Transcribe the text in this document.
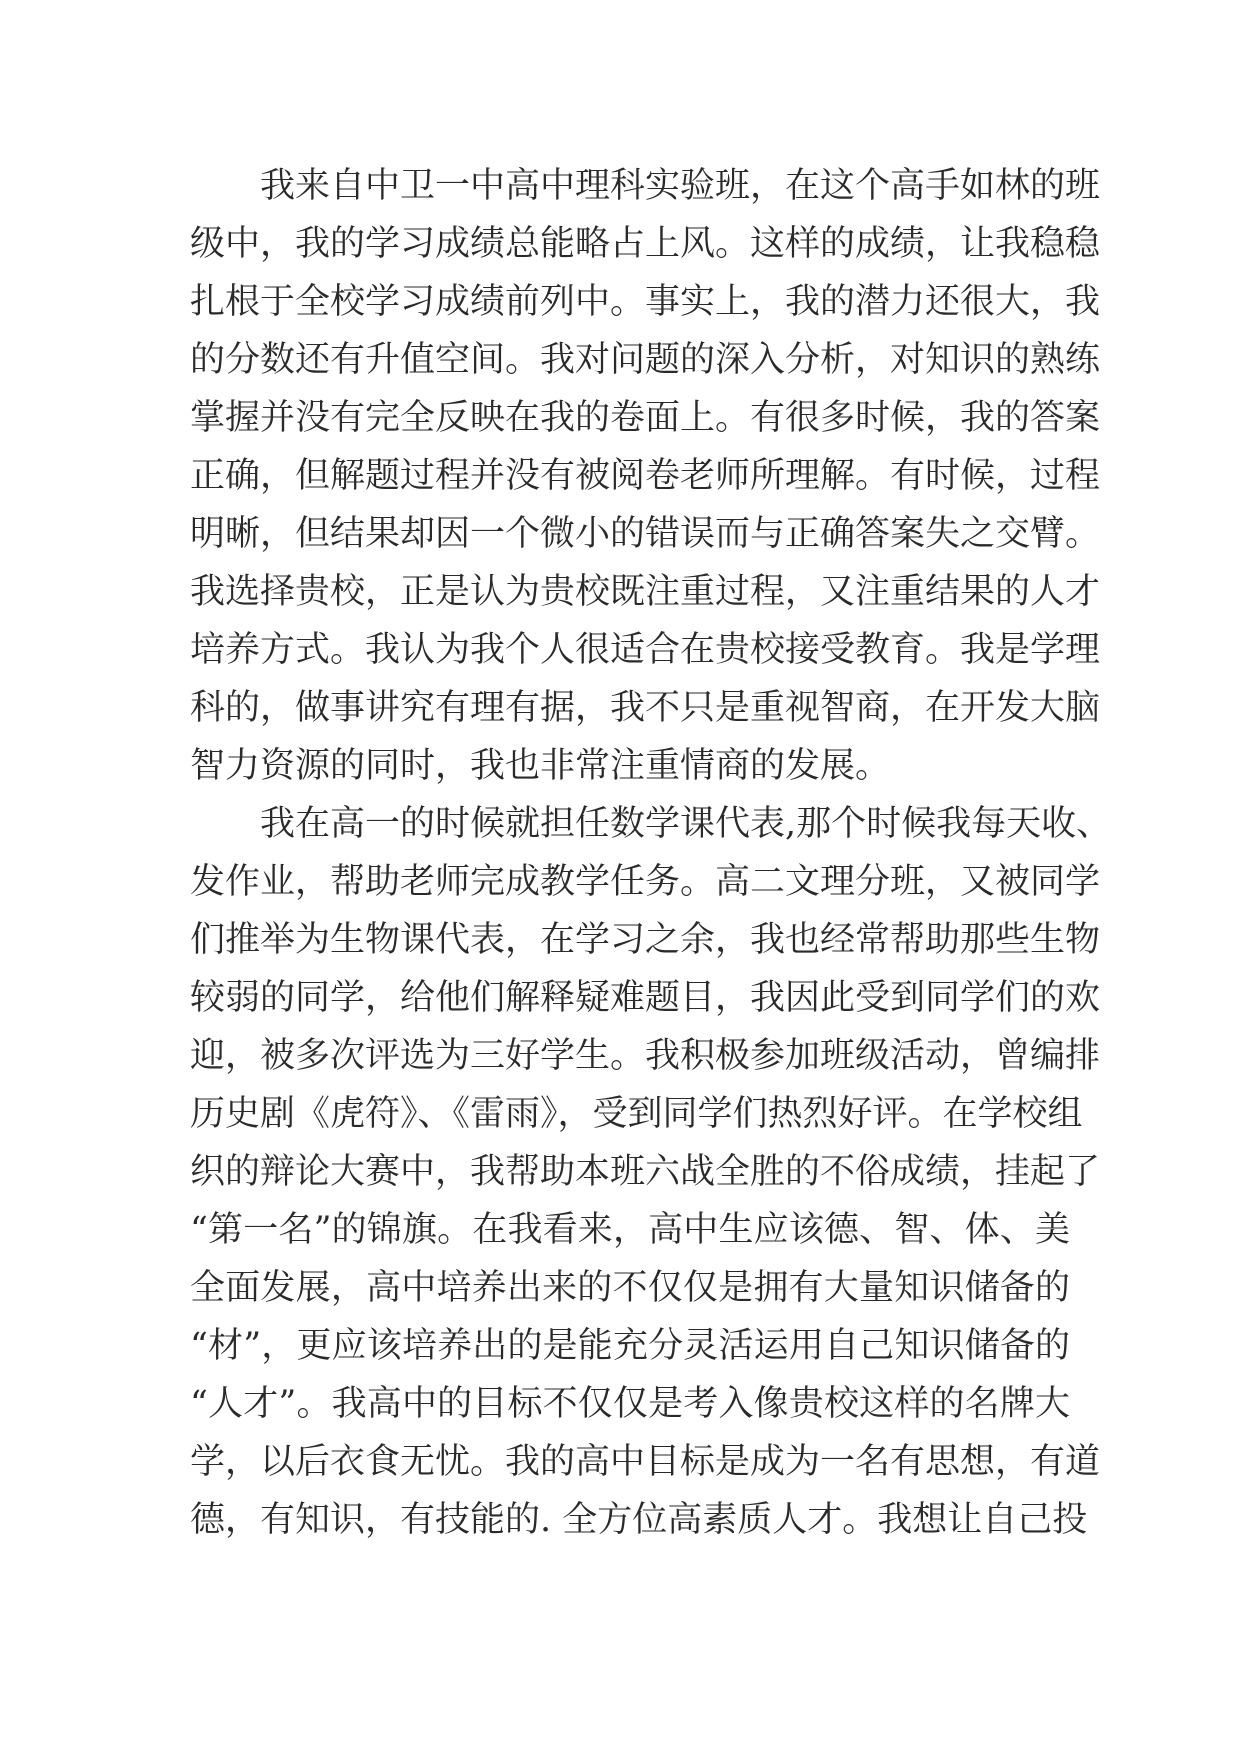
我来自中卫一中高中理科实验班，在这个高手如林的班
级中，我的学习成绩总能略占上风。这样的成绩，让我稳稳
扎根于全校学习成绩前列中。事实上，我的潜力还很大，我
的分数还有升值空间。我对问题的深入分析，对知识的熟练
掌握并没有完全反映在我的卷面上。有很多时候，我的答案
正确，但解题过程并没有被阅卷老师所理解。有时候，过程
明晰，但结果却因一个微小的错误而与正确答案失之交臂。
我选择贵校，正是认为贵校既注重过程，又注重结果的人才
培养方式。我认为我个人很适合在贵校接受教育。我是学理
科的，做事讲究有理有据，我不只是重视智商，在开发大脑
智力资源的同时，我也非常注重情商的发展。
我在高一的时候就担任数学课代表,那个时候我每天收、
发作业，帮助老师完成教学任务。高二文理分班，又被同学
们推举为生物课代表，在学习之余，我也经常帮助那些生物
较弱的同学，给他们解释疑难题目，我因此受到同学们的欢
迎，被多次评选为三好学生。我积极参加班级活动，曾编排
历史剧《虎符》、《雷雨》，受到同学们热烈好评。在学校组
织的辩论大赛中，我帮助本班六战全胜的不俗成绩，挂起了
“第一名”的锦旗。在我看来，高中生应该德、智、体、美
全面发展，高中培养出来的不仅仅是拥有大量知识储备的
“材”，更应该培养出的是能充分灵活运用自己知识储备的
“人才”。我高中的目标不仅仅是考入像贵校这样的名牌大
学，以后衣食无忧。我的高中目标是成为一名有思想，有道
德，有知识，有技能的. 全方位高素质人才。我想让自己投
